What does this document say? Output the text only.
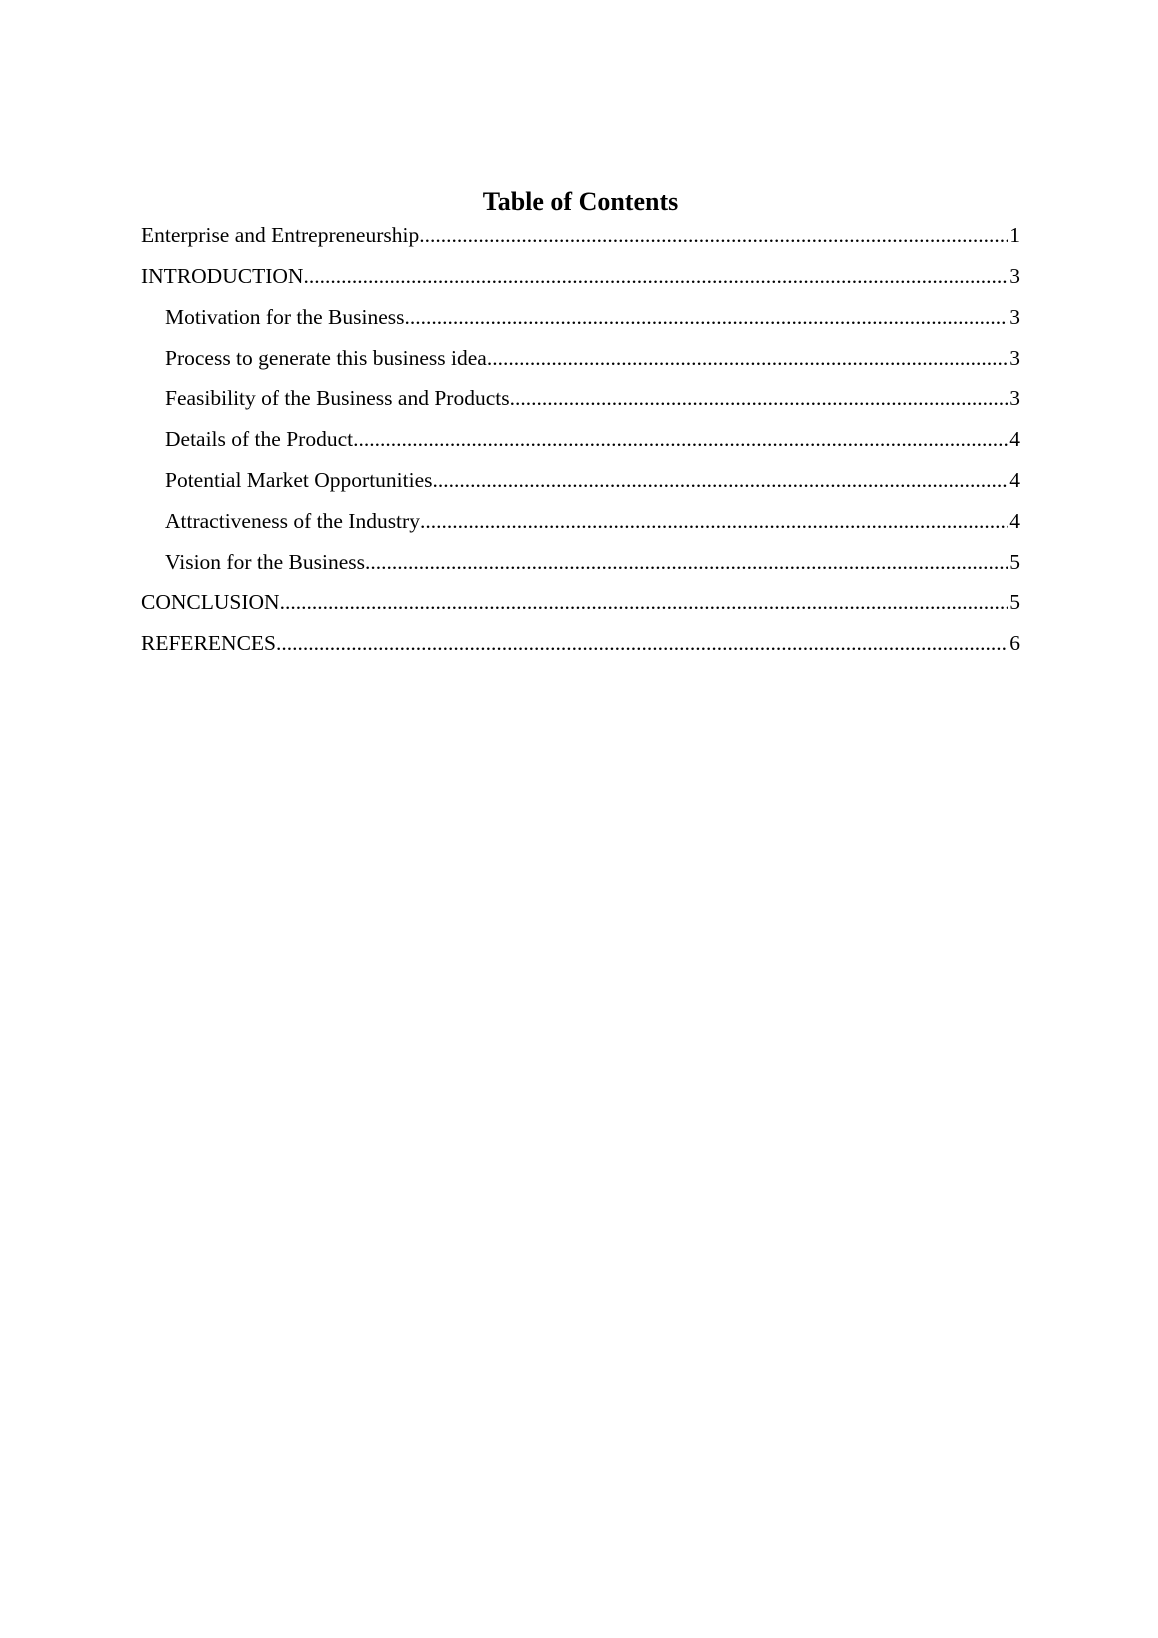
Table of Contents
Enterprise and Entrepreneurship .....	1
INTRODUCTION .....	3
Motivation for the Business .....	3
Process to generate this business idea .....	3
Feasibility of the Business and Products .....	3
Details of the Product .....	4
Potential Market Opportunities .....	4
Attractiveness of the Industry .....	4
Vision for the Business .....	5
CONCLUSION .....	5
REFERENCES .....	6
